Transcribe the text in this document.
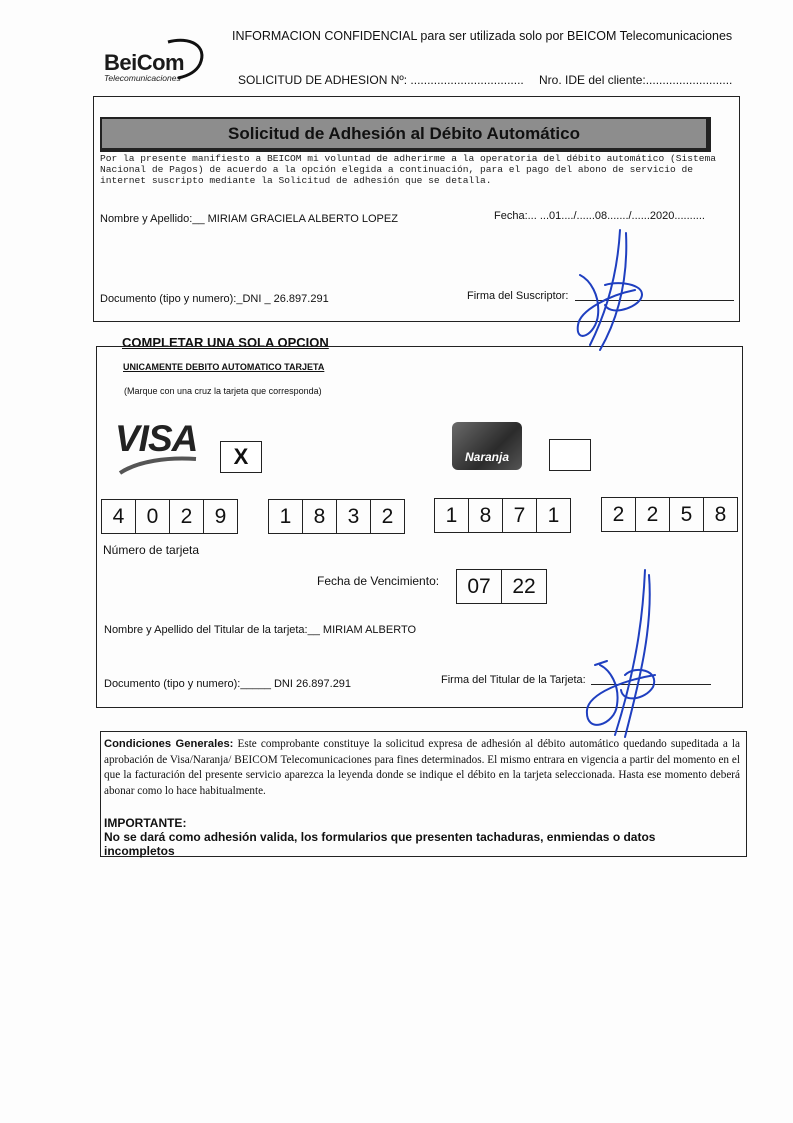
BeiCom
Telecomunicaciones
INFORMACION CONFIDENCIAL para ser utilizada solo por BEICOM Telecomunicaciones
SOLICITUD DE ADHESION Nº: .................................. Nro. IDE del cliente:..........................
Solicitud de Adhesión al Débito Automático
Por la presente manifiesto a BEICOM mi voluntad de adherirme a la operatoria del débito automático (Sistema Nacional de Pagos) de acuerdo a la opción elegida a continuación, para el pago del abono de servicio de internet suscripto mediante la Solicitud de adhesión que se detalla.
Nombre y Apellido:__ MIRIAM GRACIELA ALBERTO LOPEZ	Fecha:... ...01..../......08......./......2020..........
Documento (tipo y numero):_DNI _ 26.897.291	Firma del Suscriptor:
COMPLETAR UNA SOLA OPCION
UNICAMENTE DEBITO AUTOMATICO TARJETA
(Marque con una cruz la tarjeta que corresponda)
VISA	X	Naranja
4	0	2	9	1	8	3	2	1	8	7	1	2	2	5	8
Número de tarjeta
Fecha de Vencimiento:	07	22
Nombre y Apellido del Titular de la tarjeta:__ MIRIAM ALBERTO
Documento (tipo y numero):_____ DNI 26.897.291	Firma del Titular de la Tarjeta:
Condiciones Generales: Este comprobante constituye la solicitud expresa de adhesión al débito automático quedando supeditada a la aprobación de Visa/Naranja/ BEICOM Telecomunicaciones para fines determinados. El mismo entrara en vigencia a partir del momento en el que la facturación del presente servicio aparezca la leyenda donde se indique el débito en la tarjeta seleccionada. Hasta ese momento deberá abonar como lo hace habitualmente.
IMPORTANTE:
No se dará como adhesión valida, los formularios que presenten tachaduras, enmiendas o datos incompletos
